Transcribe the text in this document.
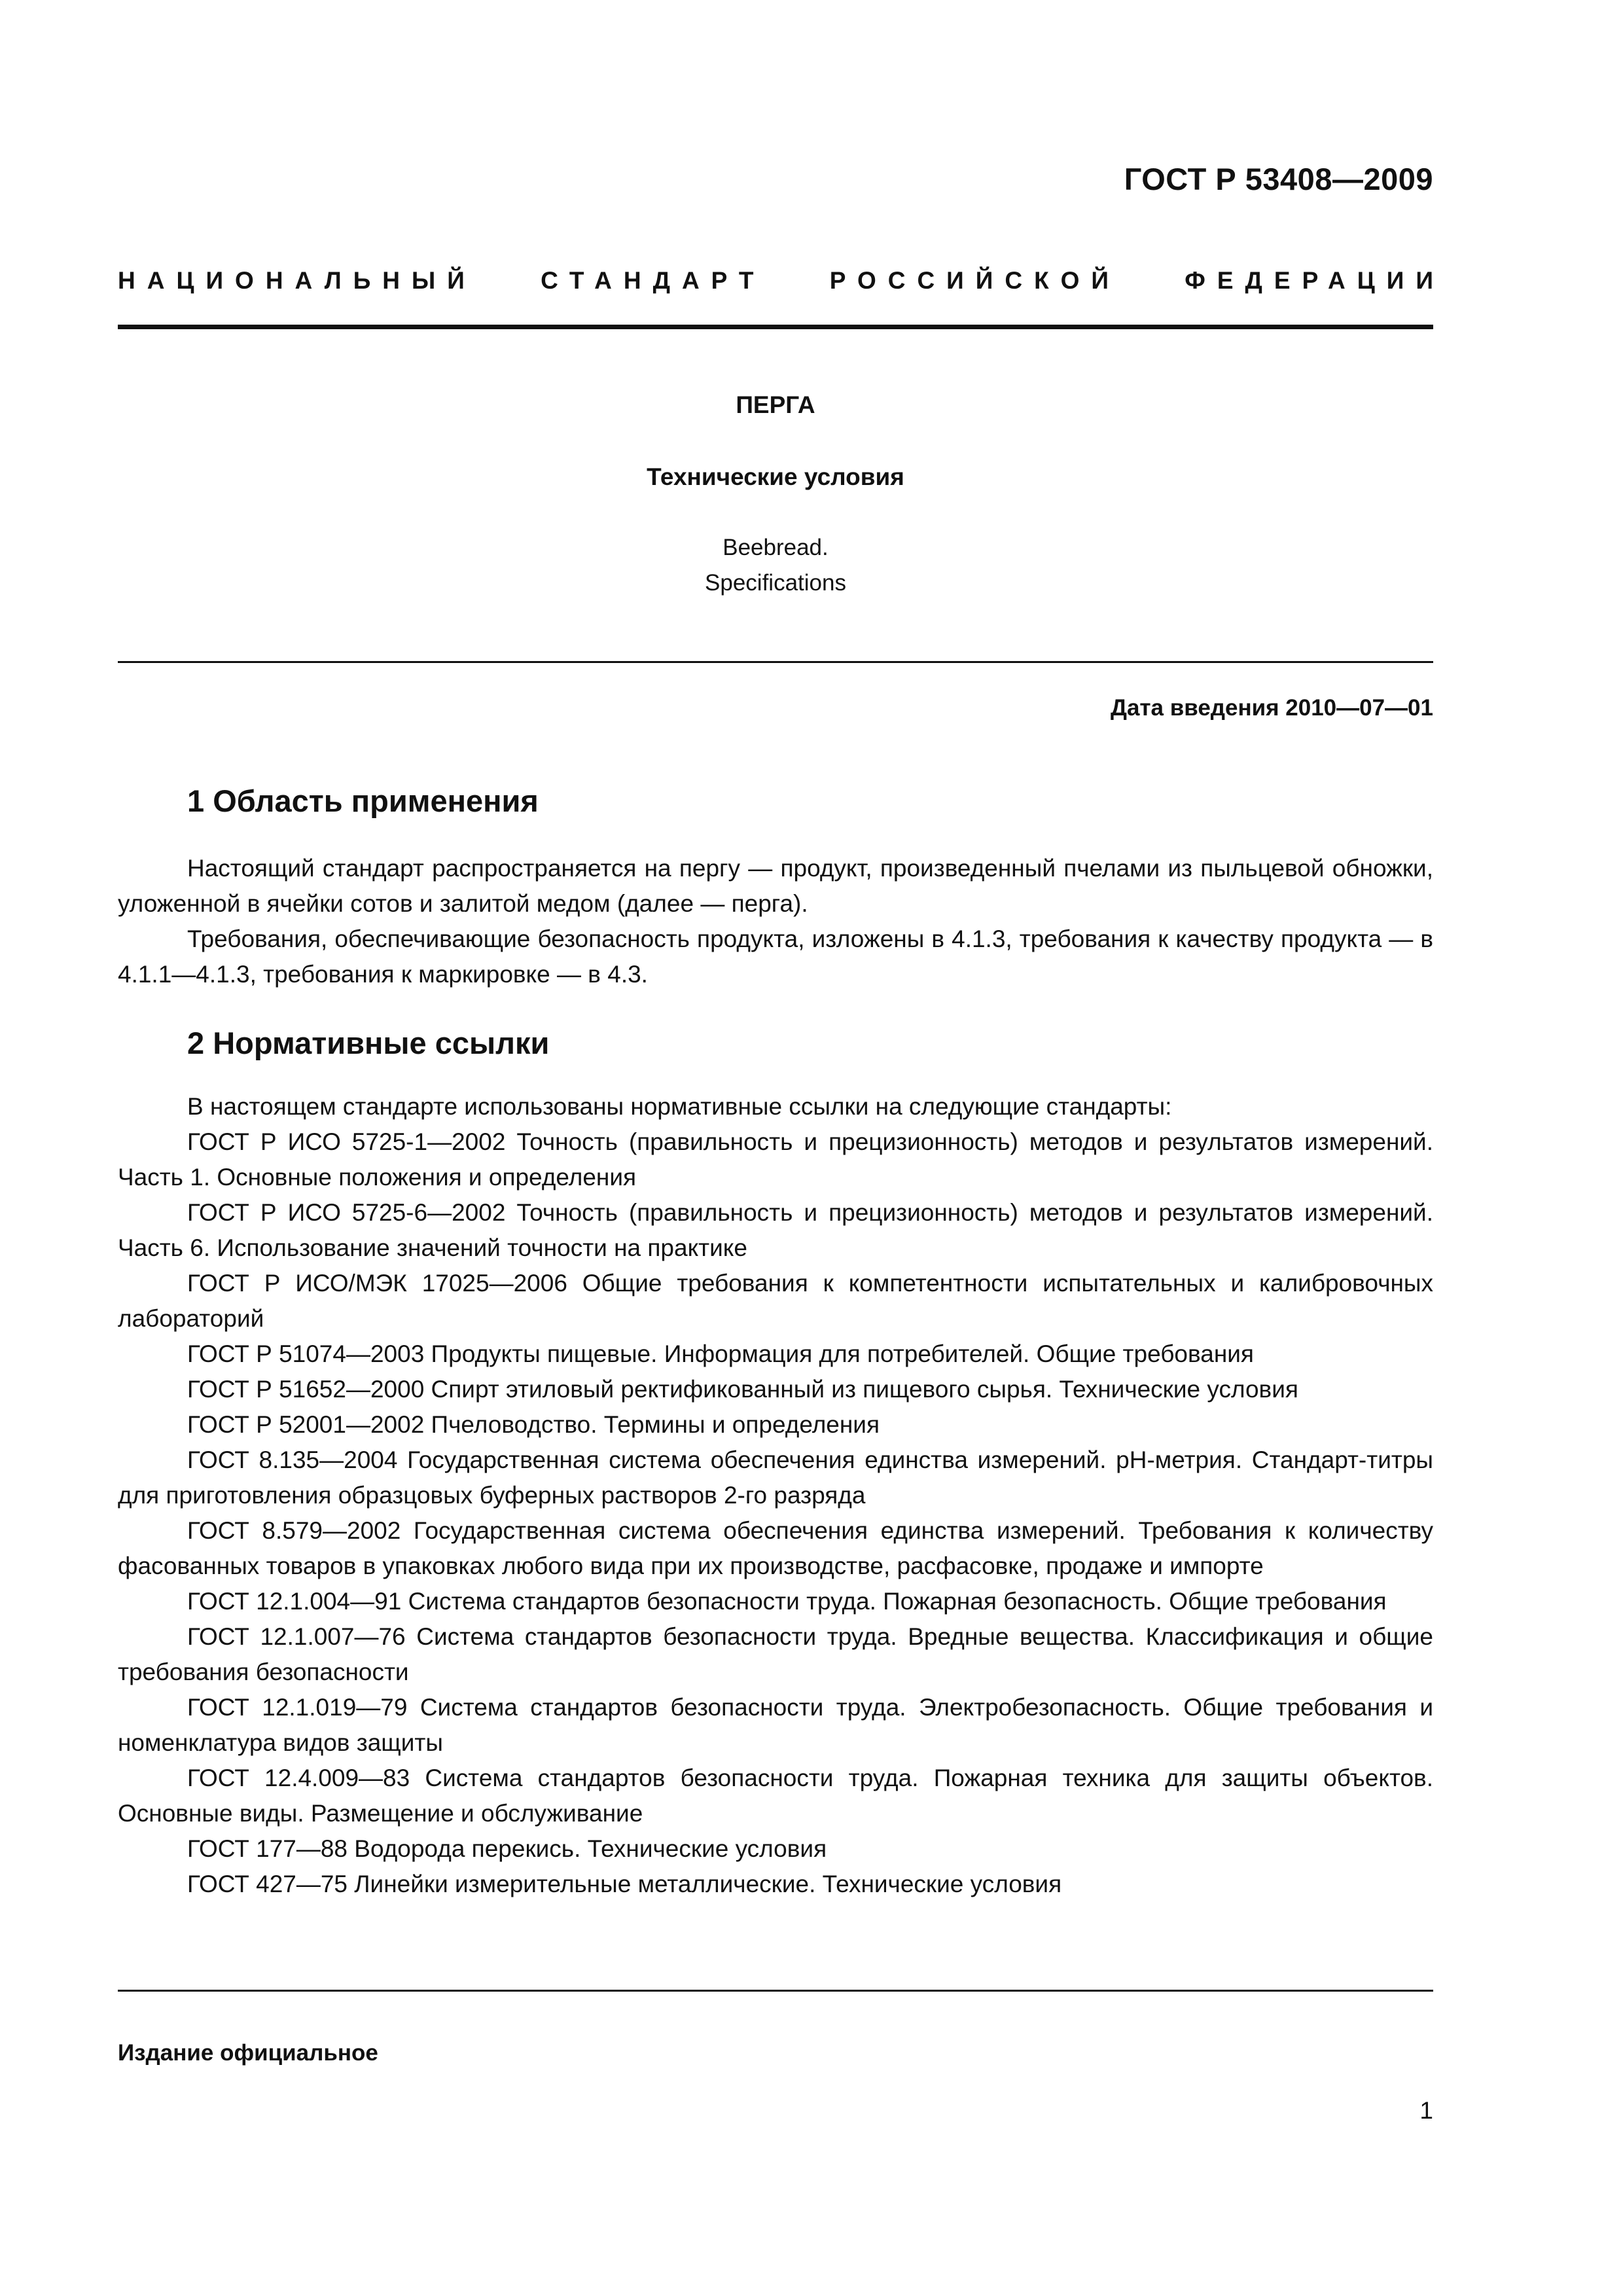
ГОСТ Р 53408—2009
НАЦИОНАЛЬНЫЙ	СТАНДАРТ	РОССИЙСКОЙ	ФЕДЕРАЦИИ
ПЕРГА
Технические условия
Beebread.
Specifications
Дата введения 2010—07—01
1 Область применения

Настоящий стандарт распространяется на пергу — продукт, произведенный пчелами из пыльцевой обножки, уложенной в ячейки сотов и залитой медом (далее — перга).

Требования, обеспечивающие безопасность продукта, изложены в 4.1.3, требования к качеству продукта — в 4.1.1—4.1.3, требования к маркировке — в 4.3.

2 Нормативные ссылки

В настоящем стандарте использованы нормативные ссылки на следующие стандарты:

ГОСТ Р ИСО 5725-1—2002 Точность (правильность и прецизионность) методов и результатов измерений. Часть 1. Основные положения и определения

ГОСТ Р ИСО 5725-6—2002 Точность (правильность и прецизионность) методов и результатов измерений. Часть 6. Использование значений точности на практике

ГОСТ Р ИСО/МЭК 17025—2006 Общие требования к компетентности испытательных и калибровочных лабораторий

ГОСТ Р 51074—2003 Продукты пищевые. Информация для потребителей. Общие требования

ГОСТ Р 51652—2000 Спирт этиловый ректификованный из пищевого сырья. Технические условия

ГОСТ Р 52001—2002 Пчеловодство. Термины и определения

ГОСТ 8.135—2004 Государственная система обеспечения единства измерений. pH-метрия. Стандарт-титры для приготовления образцовых буферных растворов 2-го разряда

ГОСТ 8.579—2002 Государственная система обеспечения единства измерений. Требования к количеству фасованных товаров в упаковках любого вида при их производстве, расфасовке, продаже и импорте

ГОСТ 12.1.004—91 Система стандартов безопасности труда. Пожарная безопасность. Общие требования

ГОСТ 12.1.007—76 Система стандартов безопасности труда. Вредные вещества. Классификация и общие требования безопасности

ГОСТ 12.1.019—79 Система стандартов безопасности труда. Электробезопасность. Общие требования и номенклатура видов защиты

ГОСТ 12.4.009—83 Система стандартов безопасности труда. Пожарная техника для защиты объектов. Основные виды. Размещение и обслуживание

ГОСТ 177—88 Водорода перекись. Технические условия

ГОСТ 427—75 Линейки измерительные металлические. Технические условия

Издание официальное
1
